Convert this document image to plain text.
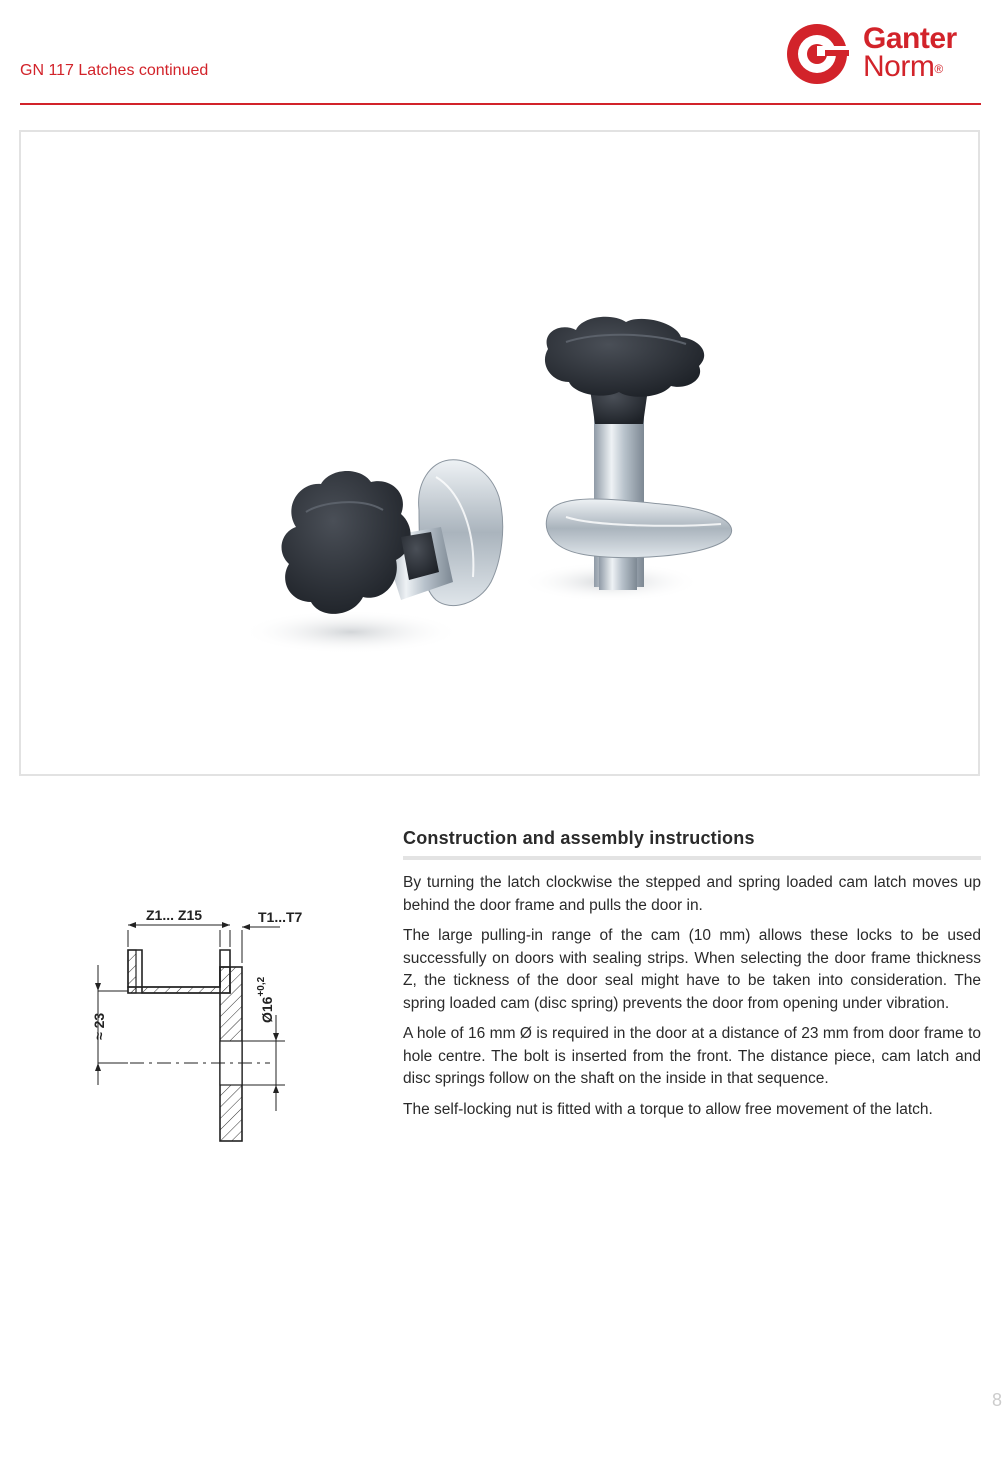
GN 117 Latches continued
Ganter
Norm®
Z1... Z15	T1...T7
≈ 23
$Ø16^{+0,2}$
Construction and assembly instructions

By turning the latch clockwise the stepped and spring loaded cam latch moves up behind the door frame and pulls the door in.

The large pulling-in range of the cam (10 mm) allows these locks to be used successfully on doors with sealing strips. When selecting the door frame thickness Z, the tickness of the door seal might have to be taken into consideration. The spring loaded cam (disc spring) prevents the door from opening under vibration.

A hole of 16 mm Ø is required in the door at a distance of 23 mm from door frame to hole centre. The bolt is inserted from the front. The distance piece, cam latch and disc springs follow on the shaft on the inside in that sequence.

The self-locking nut is fitted with a torque to allow free movement of the latch.

8
